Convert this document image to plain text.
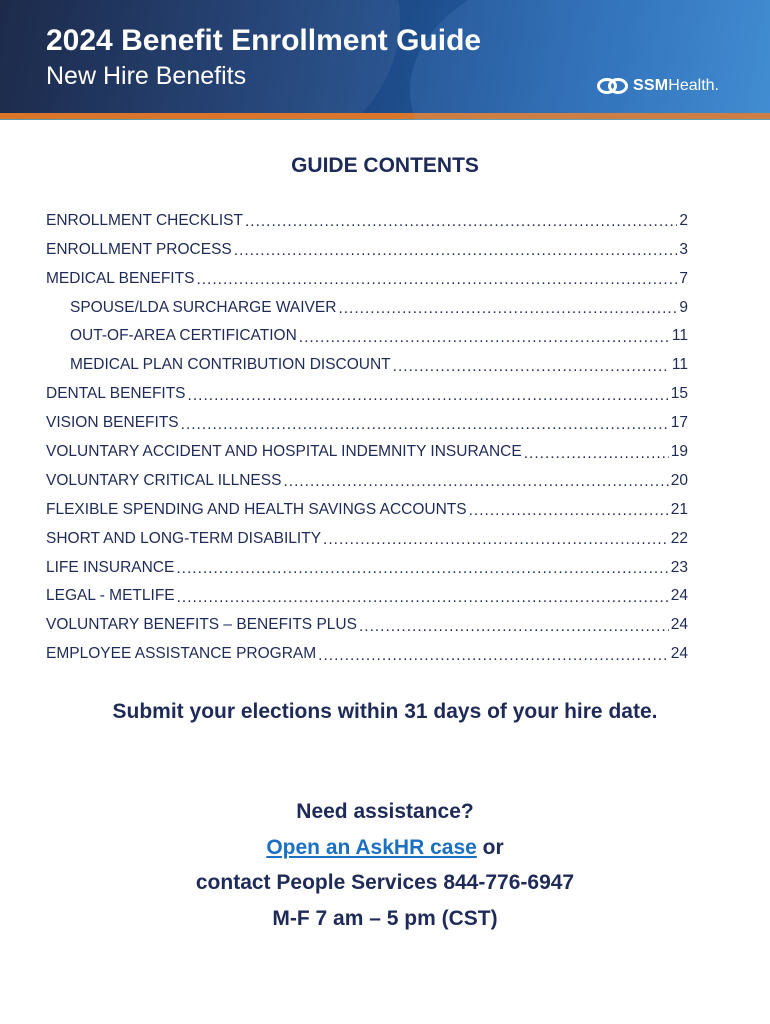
2024 Benefit Enrollment Guide
New Hire Benefits	SSM Health.
GUIDE CONTENTS
ENROLLMENT CHECKLIST .....	2
ENROLLMENT PROCESS .....	3
MEDICAL BENEFITS .....	7
SPOUSE/LDA SURCHARGE WAIVER .....	9
OUT-OF-AREA CERTIFICATION .....	11
MEDICAL PLAN CONTRIBUTION DISCOUNT .....	11
DENTAL BENEFITS .....	15
VISION BENEFITS .....	17
VOLUNTARY ACCIDENT AND HOSPITAL INDEMNITY INSURANCE .....	19
VOLUNTARY CRITICAL ILLNESS .....	20
FLEXIBLE SPENDING AND HEALTH SAVINGS ACCOUNTS .....	21
SHORT AND LONG-TERM DISABILITY .....	22
LIFE INSURANCE .....	23
LEGAL - METLIFE .....	24
VOLUNTARY BENEFITS – BENEFITS PLUS .....	24
EMPLOYEE ASSISTANCE PROGRAM .....	24

Submit your elections within 31 days of your hire date.

Need assistance?

Open an AskHR case or

contact People Services 844-776-6947

M-F 7 am – 5 pm (CST)
